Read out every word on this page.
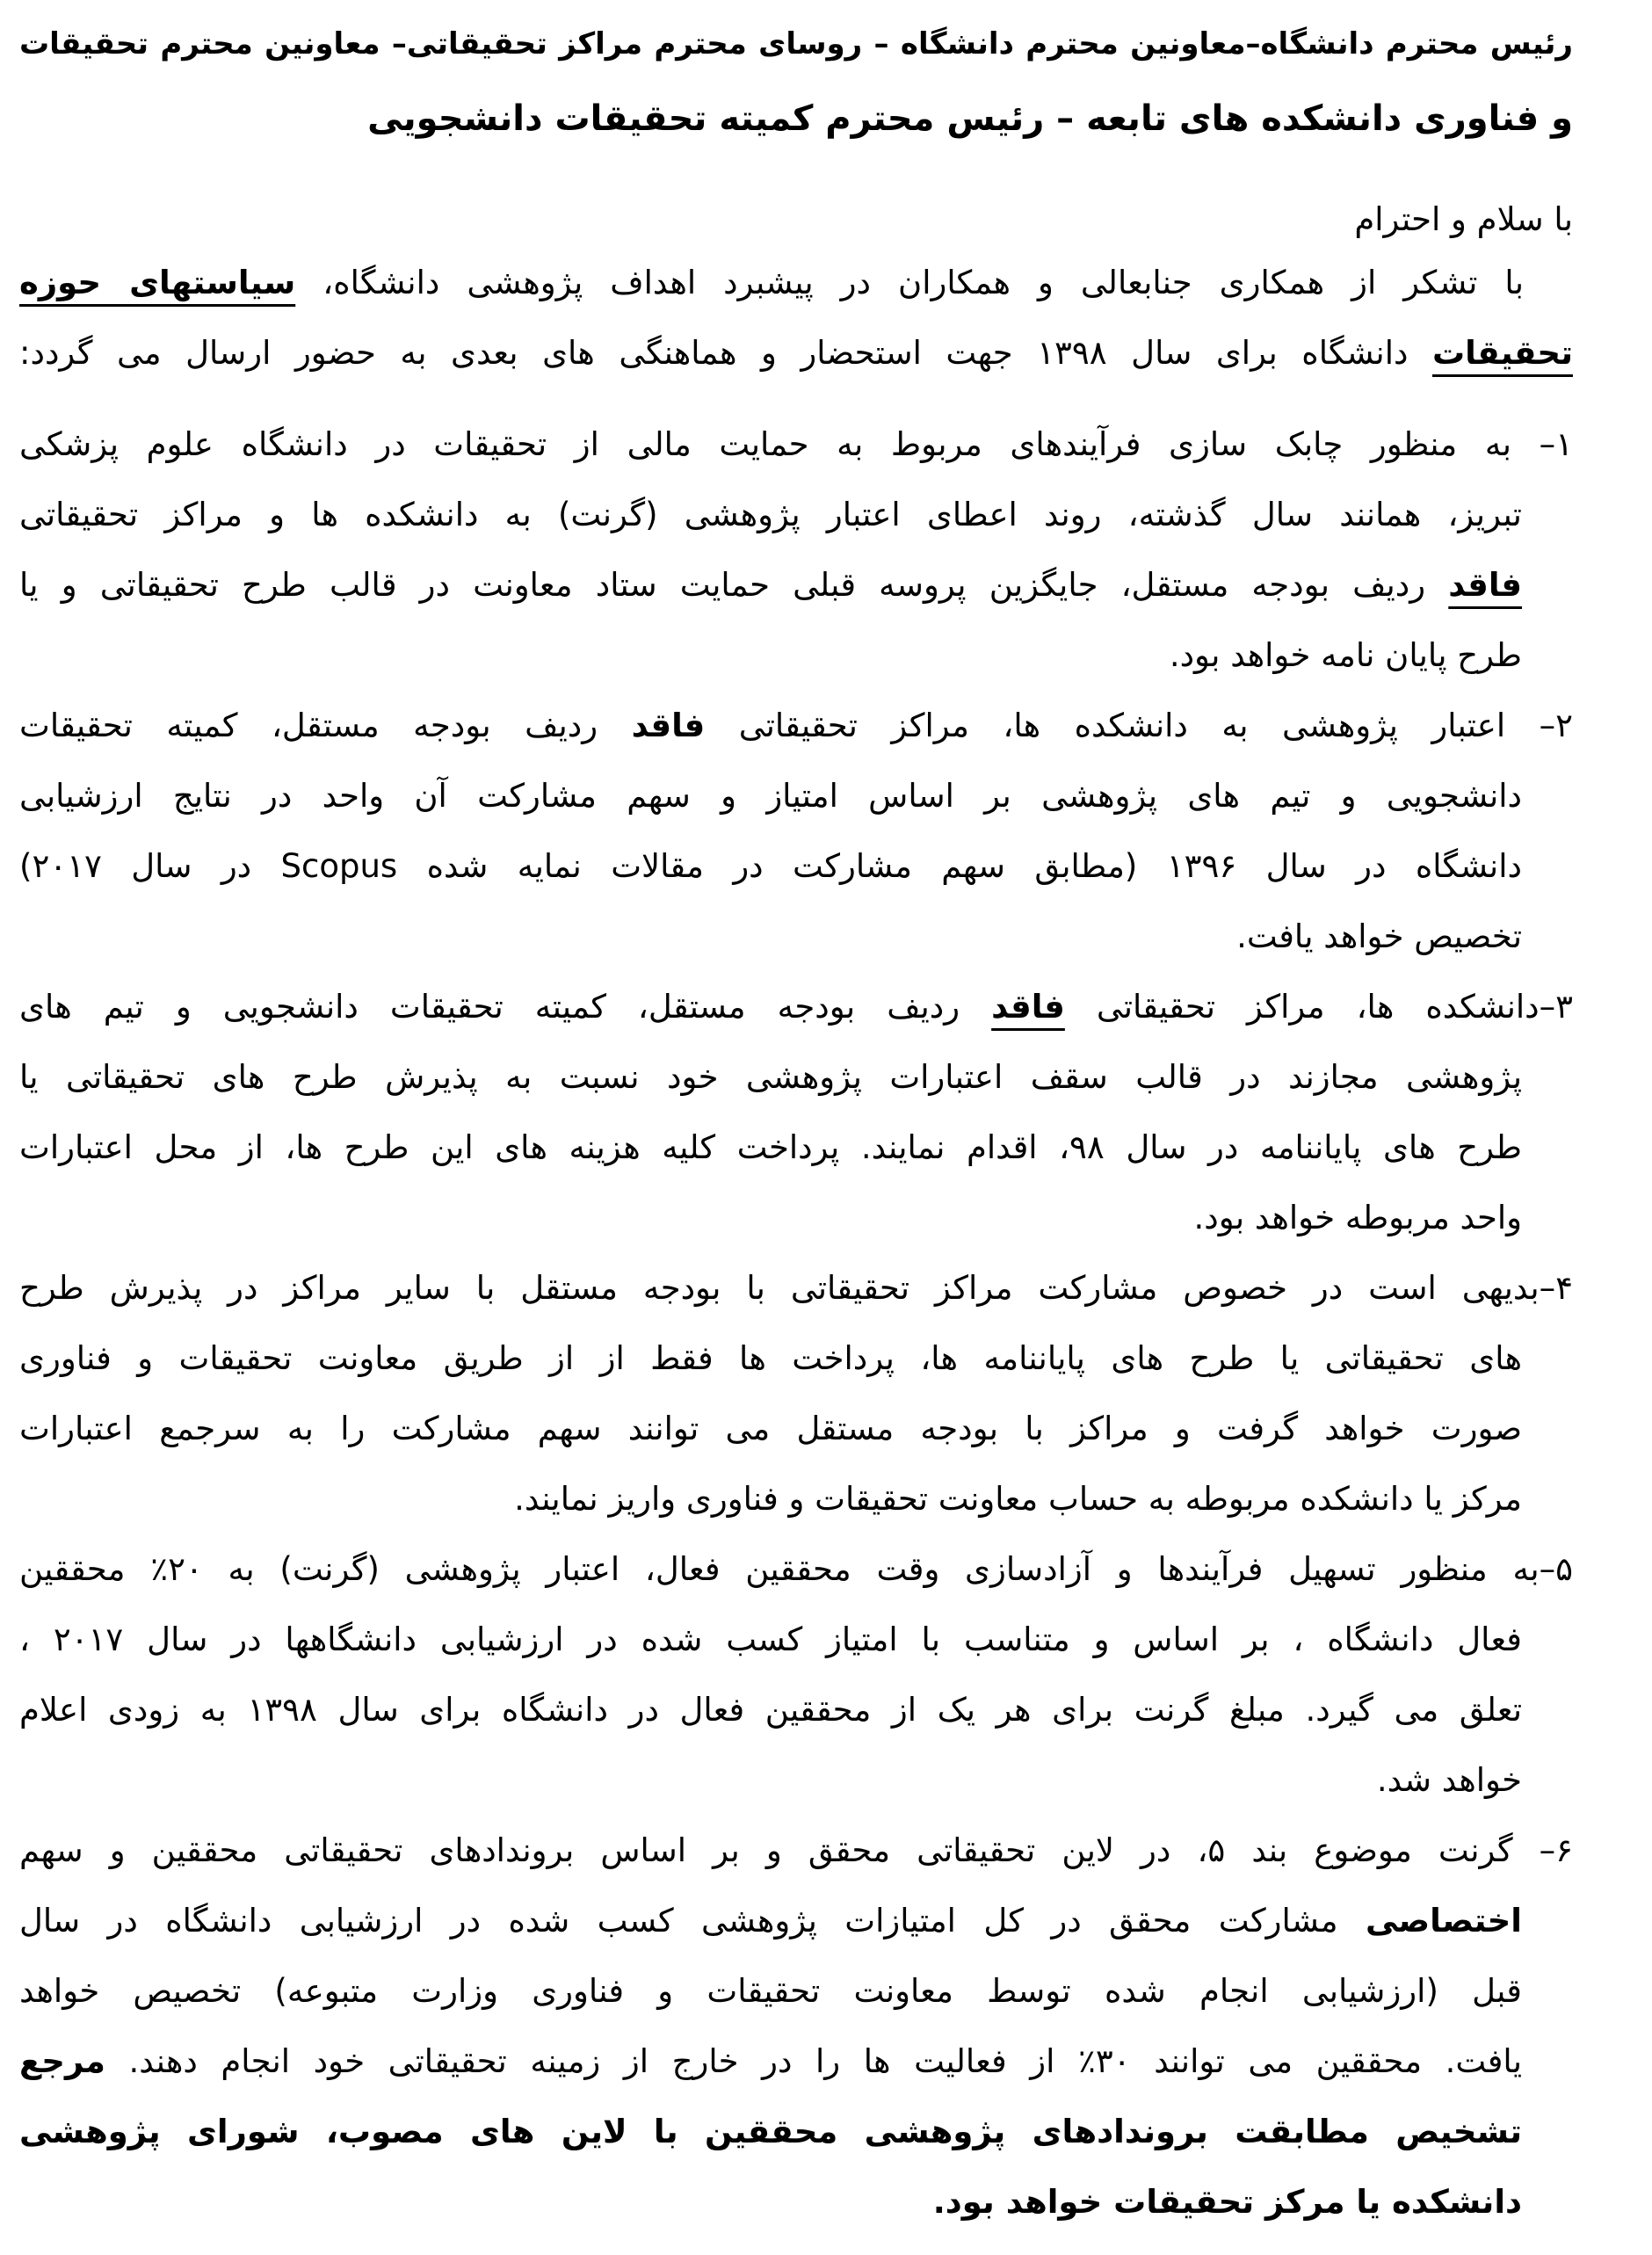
رئیس محترم دانشگاه–معاونین محترم دانشگاه – روسای محترم مراکز تحقیقاتی– معاونین محترم تحقیقات
و فناوری دانشکده های تابعه – رئیس محترم کمیته تحقیقات دانشجویی
با سلام و احترام
با تشکر از همکاری جنابعالی و همکاران در پیشبرد اهداف پژوهشی دانشگاه، سیاستهای حوزه
تحقیقات دانشگاه برای سال ۱۳۹۸ جهت استحضار و هماهنگی های بعدی به حضور ارسال می گردد:
۱– به منظور چابک سازی فرآیندهای مربوط به حمایت مالی از تحقیقات در دانشگاه علوم پزشکی
تبریز، همانند سال گذشته، روند اعطای اعتبار پژوهشی (گرنت) به دانشکده ها و مراکز تحقیقاتی
فاقد ردیف بودجه مستقل، جایگزین پروسه قبلی حمایت ستاد معاونت در قالب طرح تحقیقاتی و یا
طرح پایان نامه خواهد بود.
۲– اعتبار پژوهشی به دانشکده ها، مراکز تحقیقاتی فاقد ردیف بودجه مستقل، کمیته تحقیقات
دانشجویی و تیم های پژوهشی بر اساس امتیاز و سهم مشارکت آن واحد در نتایج ارزشیابی
دانشگاه در سال ۱۳۹۶ (مطابق سهم مشارکت در مقالات نمایه شده Scopus در سال ۲۰۱۷)
تخصیص خواهد یافت.
۳–دانشکده ها، مراکز تحقیقاتی فاقد ردیف بودجه مستقل، کمیته تحقیقات دانشجویی و تیم های
پژوهشی مجازند در قالب سقف اعتبارات پژوهشی خود نسبت به پذیرش طرح های تحقیقاتی یا
طرح های پایاننامه در سال ۹۸، اقدام نمایند. پرداخت کلیه هزینه های این طرح ها، از محل اعتبارات
واحد مربوطه خواهد بود.
۴–بدیهی است در خصوص مشارکت مراکز تحقیقاتی با بودجه مستقل با سایر مراکز در پذیرش طرح
های تحقیقاتی یا طرح های پایاننامه ها، پرداخت ها فقط از از طریق معاونت تحقیقات و فناوری
صورت خواهد گرفت و مراکز با بودجه مستقل می توانند سهم مشارکت را به سرجمع اعتبارات
مرکز یا دانشکده مربوطه به حساب معاونت تحقیقات و فناوری واریز نمایند.
۵–به منظور تسهیل فرآیندها و آزادسازی وقت محققین فعال، اعتبار پژوهشی (گرنت) به ۲۰٪ محققین
فعال دانشگاه ، بر اساس و متناسب با امتیاز کسب شده در ارزشیابی دانشگاهها در سال ۲۰۱۷ ،
تعلق می گیرد. مبلغ گرنت برای هر یک از محققین فعال در دانشگاه برای سال ۱۳۹۸ به زودی اعلام
خواهد شد.
۶– گرنت موضوع بند ۵، در لاین تحقیقاتی محقق و بر اساس بروندادهای تحقیقاتی محققین و سهم
اختصاصی مشارکت محقق در کل امتیازات پژوهشی کسب شده در ارزشیابی دانشگاه در سال
قبل (ارزشیابی انجام شده توسط معاونت تحقیقات و فناوری وزارت متبوعه) تخصیص خواهد
یافت. محققین می توانند ۳۰٪ از فعالیت ها را در خارج از زمینه تحقیقاتی خود انجام دهند. مرجع
تشخیص مطابقت بروندادهای پژوهشی محققین با لاین های مصوب، شورای پژوهشی
دانشکده یا مرکز تحقیقات خواهد بود.
